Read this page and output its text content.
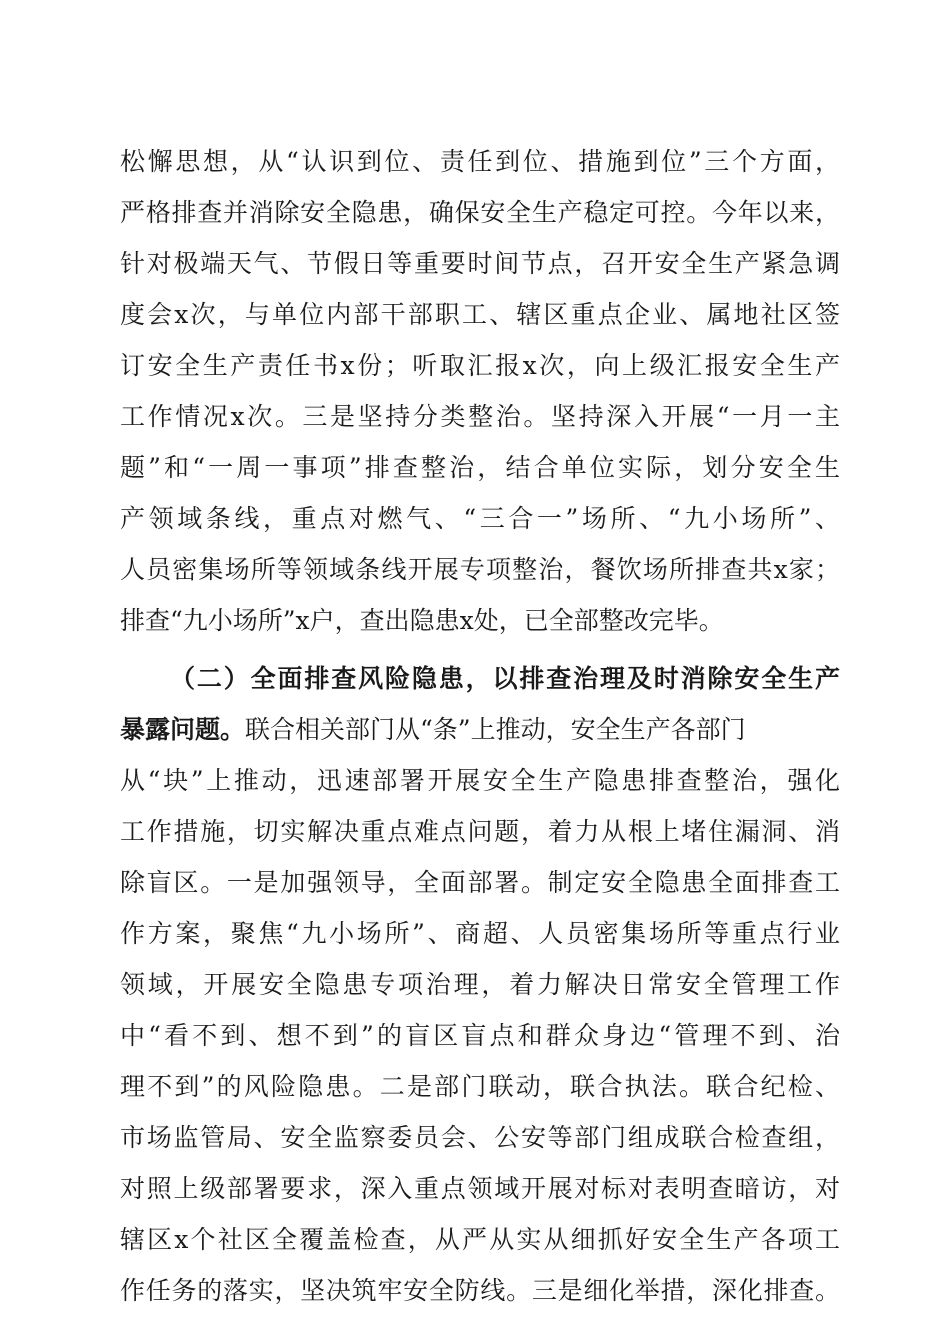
松懈思想，从“认识到位、责任到位、措施到位”三个方面，
严格排查并消除安全隐患，确保安全生产稳定可控。今年以来，
针对极端天气、节假日等重要时间节点，召开安全生产紧急调
度会x次，与单位内部干部职工、辖区重点企业、属地社区签
订安全生产责任书x份；听取汇报x次，向上级汇报安全生产
工作情况x次。三是坚持分类整治。坚持深入开展“一月一主
题”和“一周一事项”排查整治，结合单位实际，划分安全生
产领域条线，重点对燃气、“三合一”场所、“九小场所”、
人员密集场所等领域条线开展专项整治，餐饮场所排查共x家；
排查“九小场所”x户，查出隐患x处，已全部整改完毕。
（二）全面排查风险隐患，以排查治理及时消除安全生产
暴露问题。联合相关部门从“条”上推动，安全生产各部门
从“块”上推动，迅速部署开展安全生产隐患排查整治，强化
工作措施，切实解决重点难点问题，着力从根上堵住漏洞、消
除盲区。一是加强领导，全面部署。制定安全隐患全面排查工
作方案，聚焦“九小场所”、商超、人员密集场所等重点行业
领域，开展安全隐患专项治理，着力解决日常安全管理工作
中“看不到、想不到”的盲区盲点和群众身边“管理不到、治
理不到”的风险隐患。二是部门联动，联合执法。联合纪检、
市场监管局、安全监察委员会、公安等部门组成联合检查组，
对照上级部署要求，深入重点领域开展对标对表明查暗访，对
辖区x个社区全覆盖检查，从严从实从细抓好安全生产各项工
作任务的落实，坚决筑牢安全防线。三是细化举措，深化排查。
